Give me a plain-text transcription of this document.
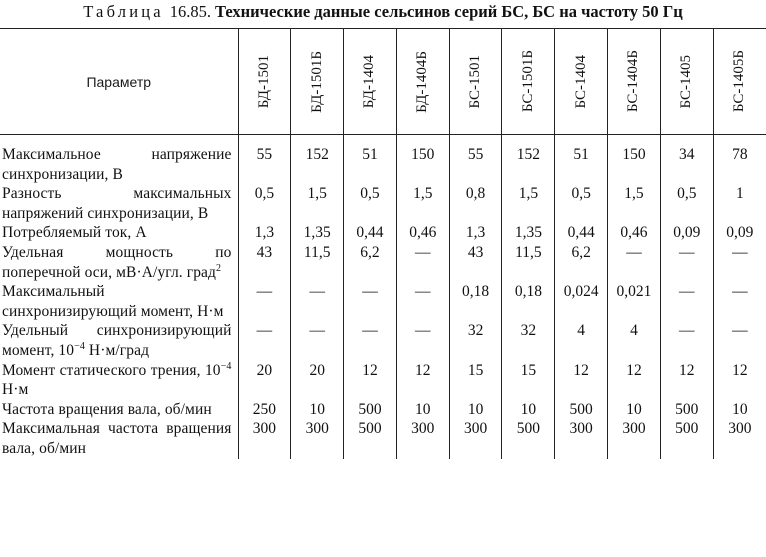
Таблица 16.85. Технические данные сельсинов серий БС, БС на частоту 50 Гц
Параметр	БД-1501	БД-1501Б	БД-1404	БД-1404Б	БС-1501	БС-1501Б	БС-1404	БС-1404Б	БС-1405	БС-1405Б

Максимальное напряжение синхронизации, В	55	152	51	150	55	152	51	150	34	78
Разность максимальных напряжений синхронизации, В	0,5	1,5	0,5	1,5	0,8	1,5	0,5	1,5	0,5	1
Потребляемый ток, А	1,3	1,35	0,44	0,46	1,3	1,35	0,44	0,46	0,09	0,09
Удельная мощность по поперечной оси, мВ·А/угл. град$^2$	43	11,5	6,2	—	43	11,5	6,2	—	—	—
Максимальный синхронизирующий момент, Н·м	—	—	—	—	0,18	0,18	0,024	0,021	—	—
Удельный синхронизирующий момент, $10^{-4}$ Н·м/град	—	—	—	—	32	32	4	4	—	—
Момент статического трения, $10^{-4}$ Н·м	20	20	12	12	15	15	12	12	12	12
Частота вращения вала, об/мин	250	10	500	10	10	10	500	10	500	10
Максимальная частота вращения вала, об/мин	300	300	500	300	300	500	300	300	500	300
